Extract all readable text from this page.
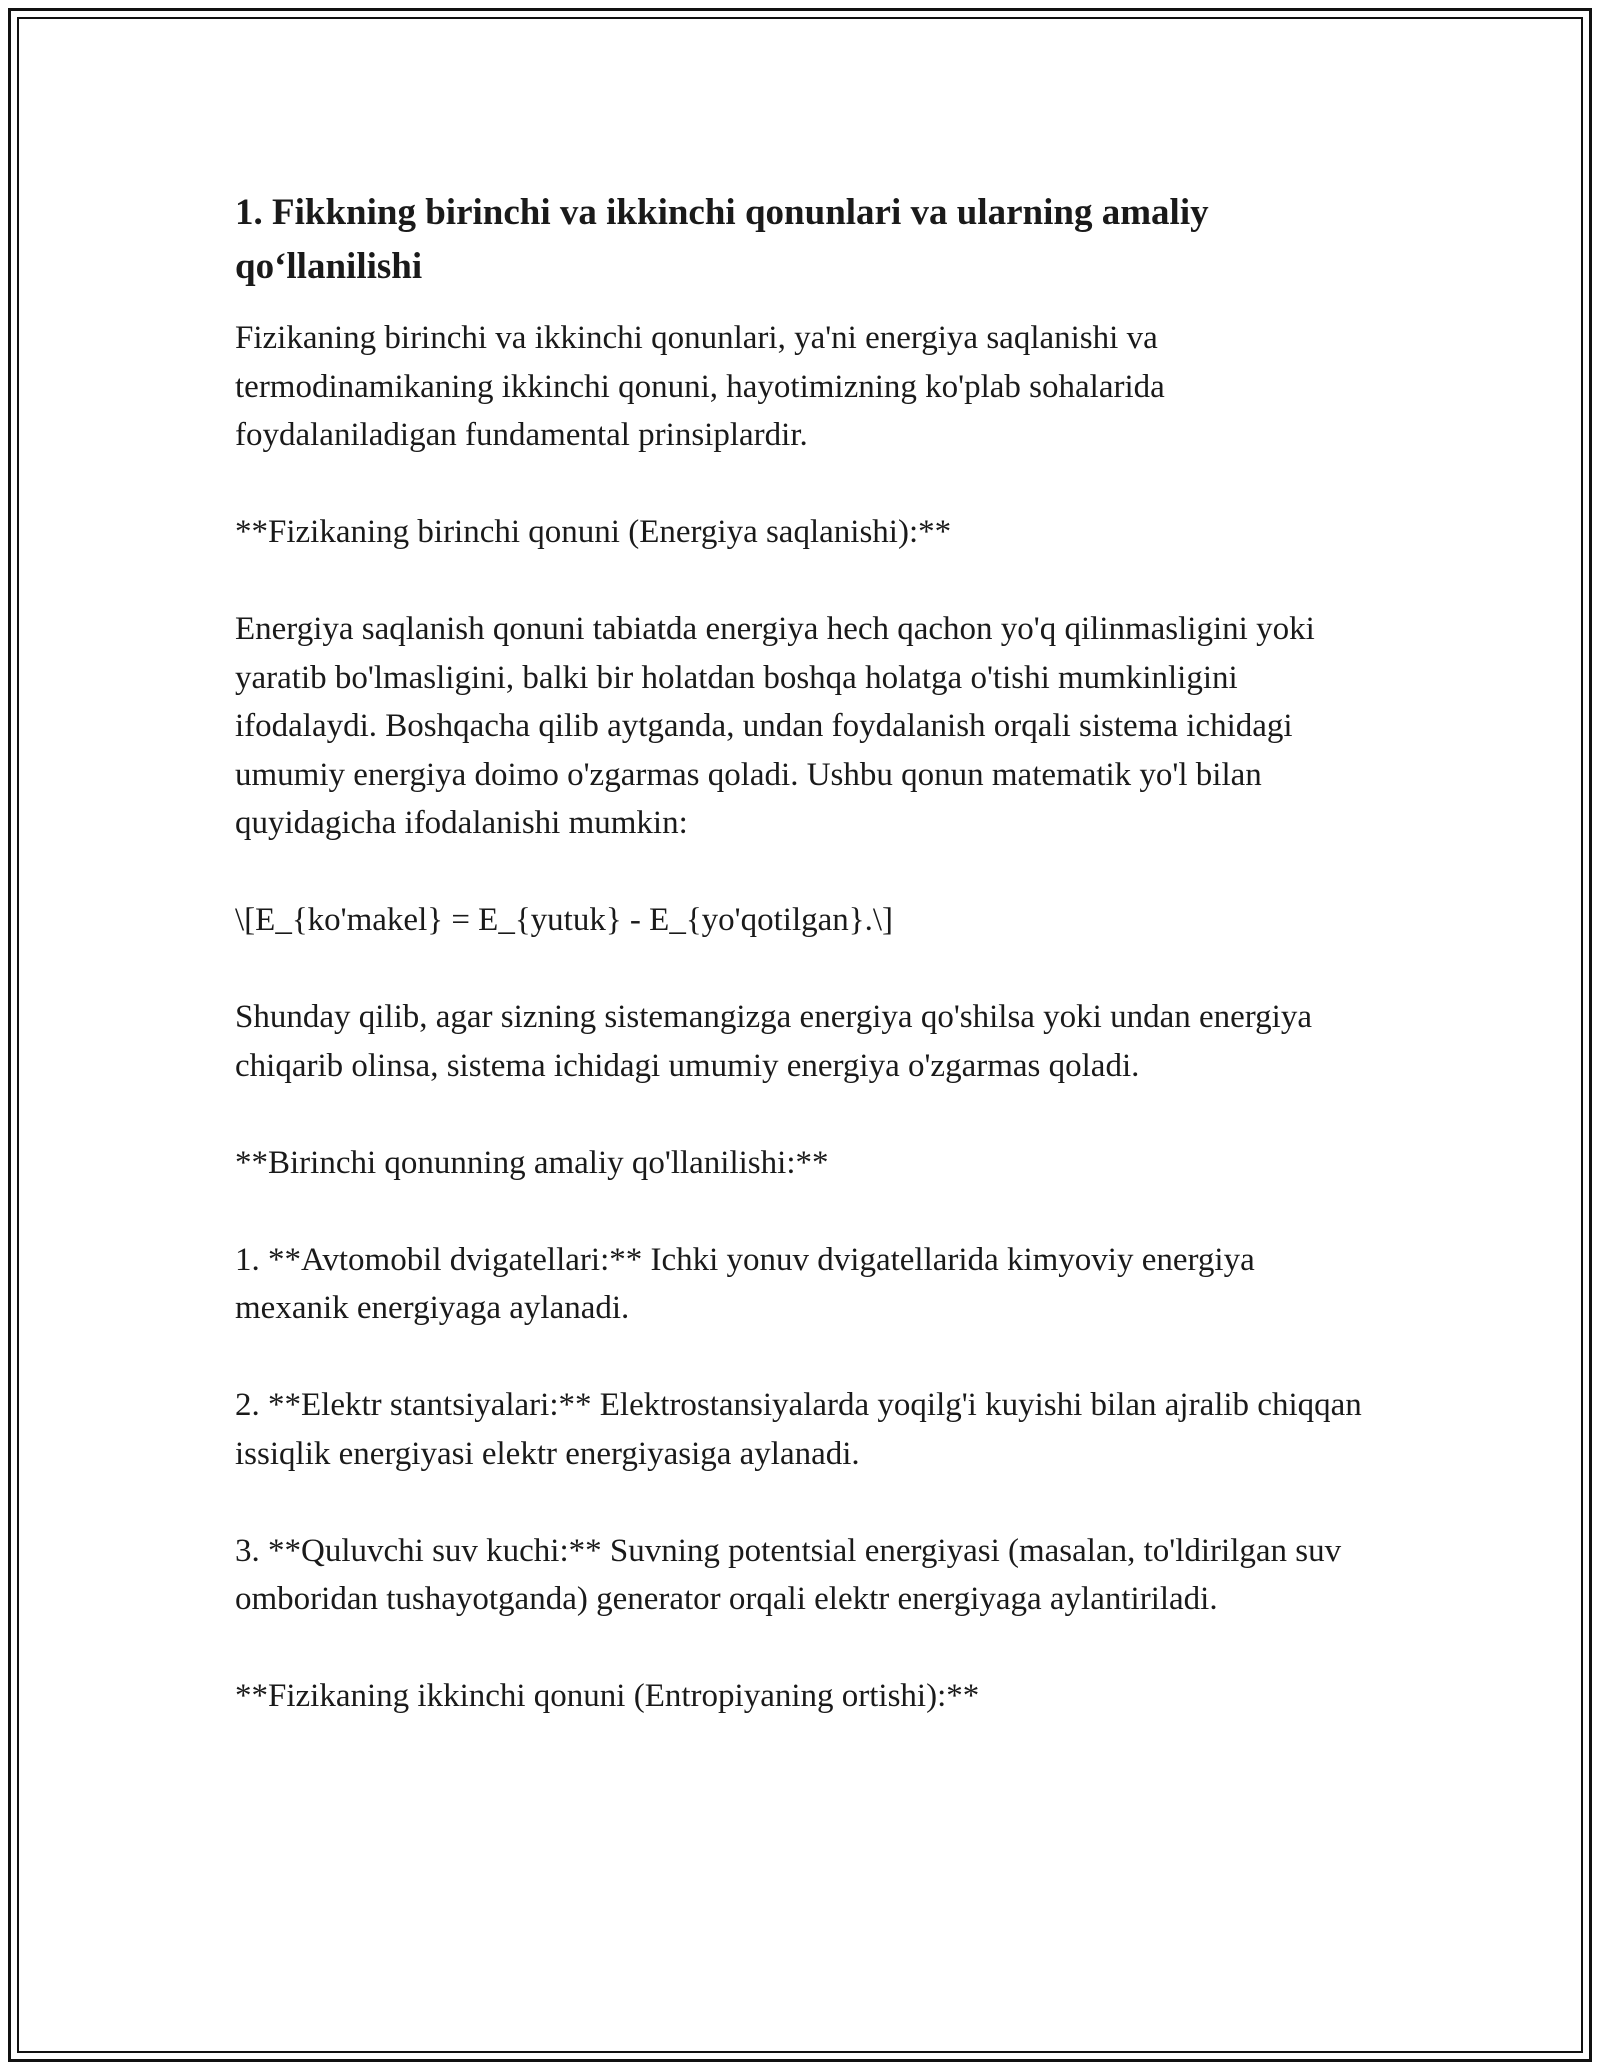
1. Fikkning birinchi va ikkinchi qonunlari va ularning amaliy qo‘llanilishi

Fizikaning birinchi va ikkinchi qonunlari, ya'ni energiya saqlanishi va termodinamikaning ikkinchi qonuni, hayotimizning ko'plab sohalarida foydalaniladigan fundamental prinsiplardir.

**Fizikaning birinchi qonuni (Energiya saqlanishi):**

Energiya saqlanish qonuni tabiatda energiya hech qachon yo'q qilinmasligini yoki yaratib bo'lmasligini, balki bir holatdan boshqa holatga o'tishi mumkinligini ifodalaydi. Boshqacha qilib aytganda, undan foydalanish orqali sistema ichidagi umumiy energiya doimo o'zgarmas qoladi. Ushbu qonun matematik yo'l bilan quyidagicha ifodalanishi mumkin:

\[E_{ko'makel} = E_{yutuk} - E_{yo'qotilgan}.\]

Shunday qilib, agar sizning sistemangizga energiya qo'shilsa yoki undan energiya chiqarib olinsa, sistema ichidagi umumiy energiya o'zgarmas qoladi.

**Birinchi qonunning amaliy qo'llanilishi:**

1. **Avtomobil dvigatellari:** Ichki yonuv dvigatellarida kimyoviy energiya mexanik energiyaga aylanadi.

2. **Elektr stantsiyalari:** Elektrostansiyalarda yoqilg'i kuyishi bilan ajralib chiqqan issiqlik energiyasi elektr energiyasiga aylanadi.

3. **Quluvchi suv kuchi:** Suvning potentsial energiyasi (masalan, to'ldirilgan suv omboridan tushayotganda) generator orqali elektr energiyaga aylantiriladi.

**Fizikaning ikkinchi qonuni (Entropiyaning ortishi):**
